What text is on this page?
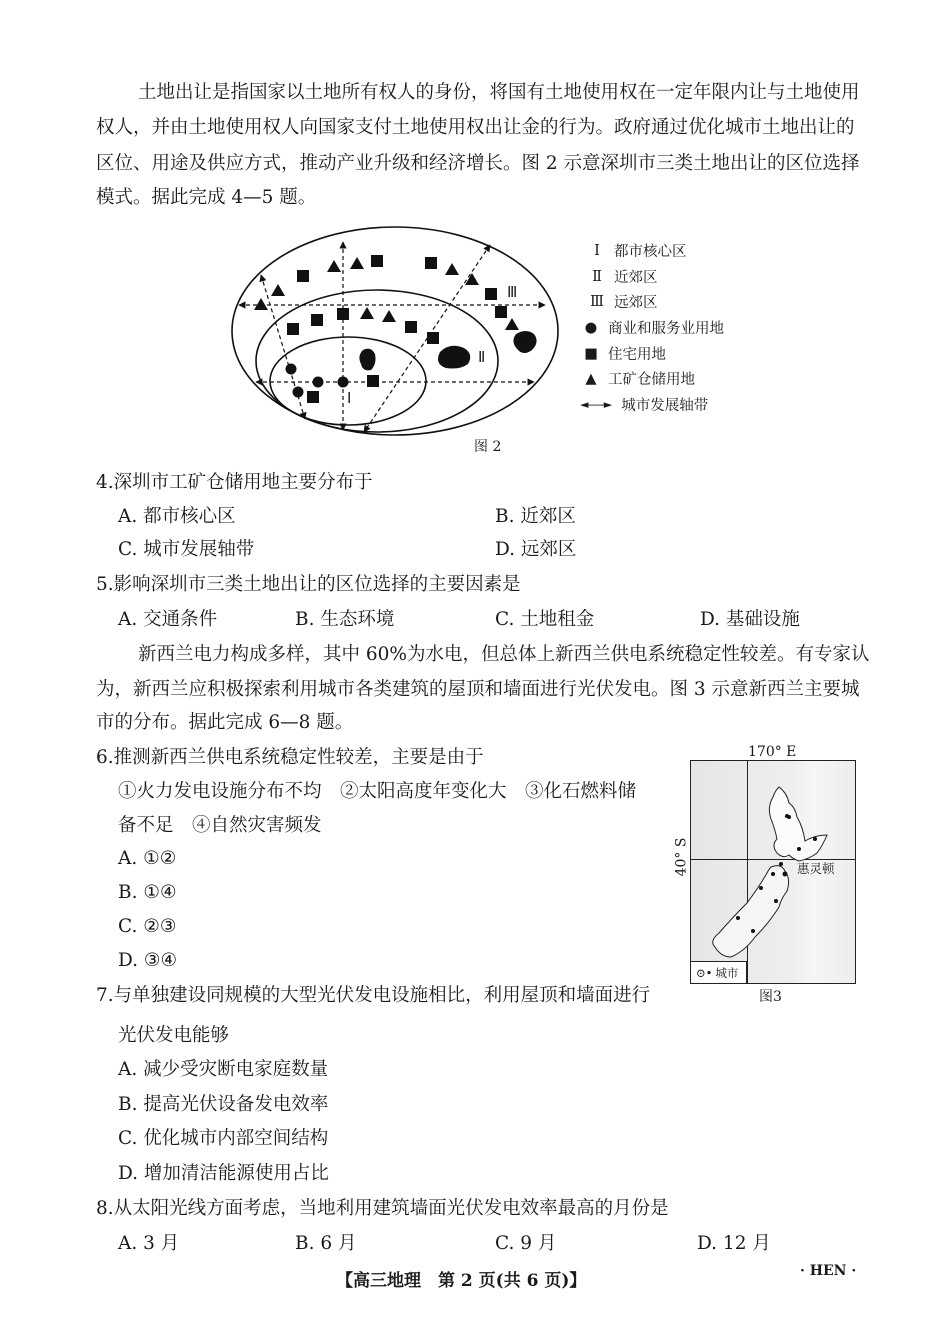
土地出让是指国家以土地所有权人的身份，将国有土地使用权在一定年限内让与土地使用
权人，并由土地使用权人向国家支付土地使用权出让金的行为。政府通过优化城市土地出让的
区位、用途及供应方式，推动产业升级和经济增长。图 2 示意深圳市三类土地出让的区位选择
模式。据此完成 4—5 题。
Ⅰ
Ⅱ
Ⅲ
Ⅰ 都市核心区
Ⅱ 近郊区
Ⅲ 远郊区
● 商业和服务业用地
■ 住宅用地
▲ 工矿仓储用地
◄------► 城市发展轴带
图 2
4.深圳市工矿仓储用地主要分布于
A. 都市核心区	B. 近郊区
C. 城市发展轴带	D. 远郊区
5.影响深圳市三类土地出让的区位选择的主要因素是
A. 交通条件	B. 生态环境	C. 土地租金	D. 基础设施
新西兰电力构成多样，其中 60%为水电，但总体上新西兰供电系统稳定性较差。有专家认
为，新西兰应积极探索利用城市各类建筑的屋顶和墙面进行光伏发电。图 3 示意新西兰主要城
市的分布。据此完成 6—8 题。
170° E
40° S	惠灵顿
⊙• 城市
图3
6.推测新西兰供电系统稳定性较差，主要是由于
①火力发电设施分布不均　②太阳高度年变化大　③化石燃料储
备不足　④自然灾害频发
A. ①②
B. ①④
C. ②③
D. ③④
7.与单独建设同规模的大型光伏发电设施相比，利用屋顶和墙面进行
光伏发电能够
A. 减少受灾断电家庭数量
B. 提高光伏设备发电效率
C. 优化城市内部空间结构
D. 增加清洁能源使用占比
8.从太阳光线方面考虑，当地利用建筑墙面光伏发电效率最高的月份是
A. 3 月	B. 6 月	C. 9 月	D. 12 月
【高三地理　第 2 页(共 6 页)】	· HEN ·
